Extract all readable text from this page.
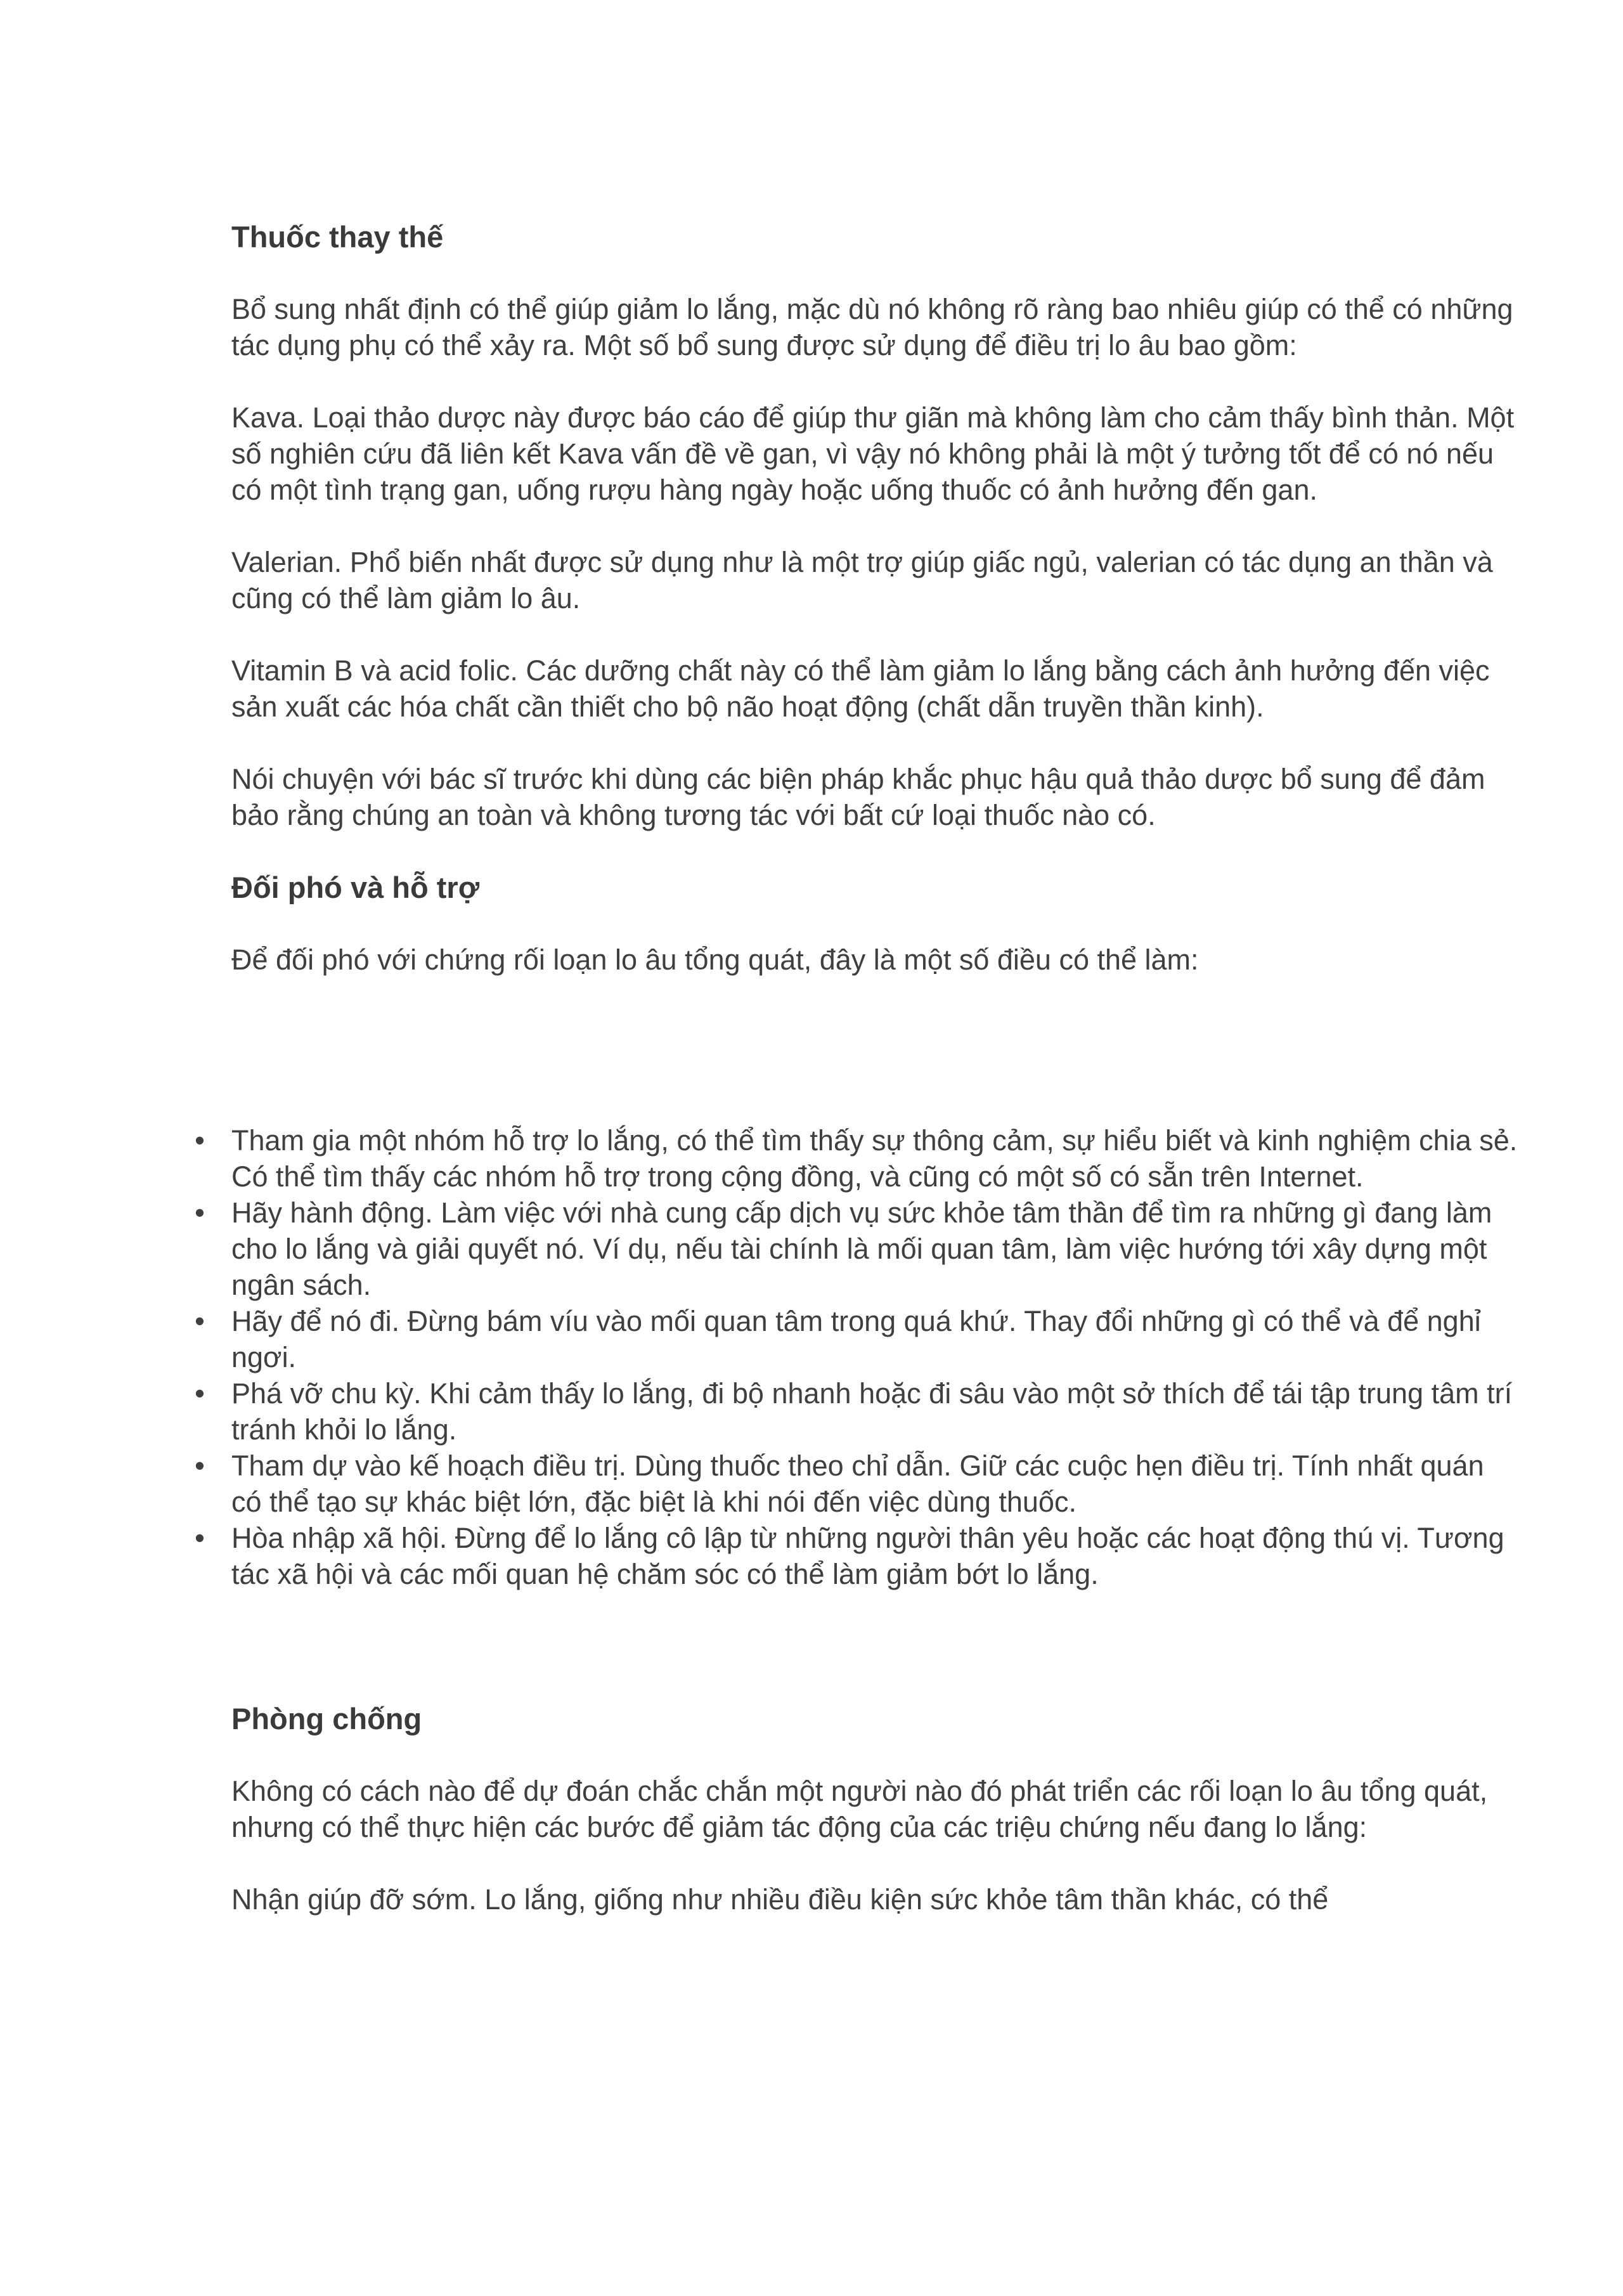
Thuốc thay thế

Bổ sung nhất định có thể giúp giảm lo lắng, mặc dù nó không rõ ràng bao nhiêu giúp có thể có những tác dụng phụ có thể xảy ra. Một số bổ sung được sử dụng để điều trị lo âu bao gồm:

Kava. Loại thảo dược này được báo cáo để giúp thư giãn mà không làm cho cảm thấy bình thản. Một số nghiên cứu đã liên kết Kava vấn đề về gan, vì vậy nó không phải là một ý tưởng tốt để có nó nếu có một tình trạng gan, uống rượu hàng ngày hoặc uống thuốc có ảnh hưởng đến gan.

Valerian. Phổ biến nhất được sử dụng như là một trợ giúp giấc ngủ, valerian có tác dụng an thần và cũng có thể làm giảm lo âu.

Vitamin B và acid folic. Các dưỡng chất này có thể làm giảm lo lắng bằng cách ảnh hưởng đến việc sản xuất các hóa chất cần thiết cho bộ não hoạt động (chất dẫn truyền thần kinh).

Nói chuyện với bác sĩ trước khi dùng các biện pháp khắc phục hậu quả thảo dược bổ sung để đảm bảo rằng chúng an toàn và không tương tác với bất cứ loại thuốc nào có.

Đối phó và hỗ trợ

Để đối phó với chứng rối loạn lo âu tổng quát, đây là một số điều có thể làm:

• Tham gia một nhóm hỗ trợ lo lắng, có thể tìm thấy sự thông cảm, sự hiểu biết và kinh nghiệm chia sẻ. Có thể tìm thấy các nhóm hỗ trợ trong cộng đồng, và cũng có một số có sẵn trên Internet.
• Hãy hành động. Làm việc với nhà cung cấp dịch vụ sức khỏe tâm thần để tìm ra những gì đang làm cho lo lắng và giải quyết nó. Ví dụ, nếu tài chính là mối quan tâm, làm việc hướng tới xây dựng một ngân sách.
• Hãy để nó đi. Đừng bám víu vào mối quan tâm trong quá khứ. Thay đổi những gì có thể và để nghỉ ngơi.
• Phá vỡ chu kỳ. Khi cảm thấy lo lắng, đi bộ nhanh hoặc đi sâu vào một sở thích để tái tập trung tâm trí tránh khỏi lo lắng.
• Tham dự vào kế hoạch điều trị. Dùng thuốc theo chỉ dẫn. Giữ các cuộc hẹn điều trị. Tính nhất quán có thể tạo sự khác biệt lớn, đặc biệt là khi nói đến việc dùng thuốc.
• Hòa nhập xã hội. Đừng để lo lắng cô lập từ những người thân yêu hoặc các hoạt động thú vị. Tương tác xã hội và các mối quan hệ chăm sóc có thể làm giảm bớt lo lắng.
Phòng chống

Không có cách nào để dự đoán chắc chắn một người nào đó phát triển các rối loạn lo âu tổng quát, nhưng có thể thực hiện các bước để giảm tác động của các triệu chứng nếu đang lo lắng:

Nhận giúp đỡ sớm. Lo lắng, giống như nhiều điều kiện sức khỏe tâm thần khác, có thể
